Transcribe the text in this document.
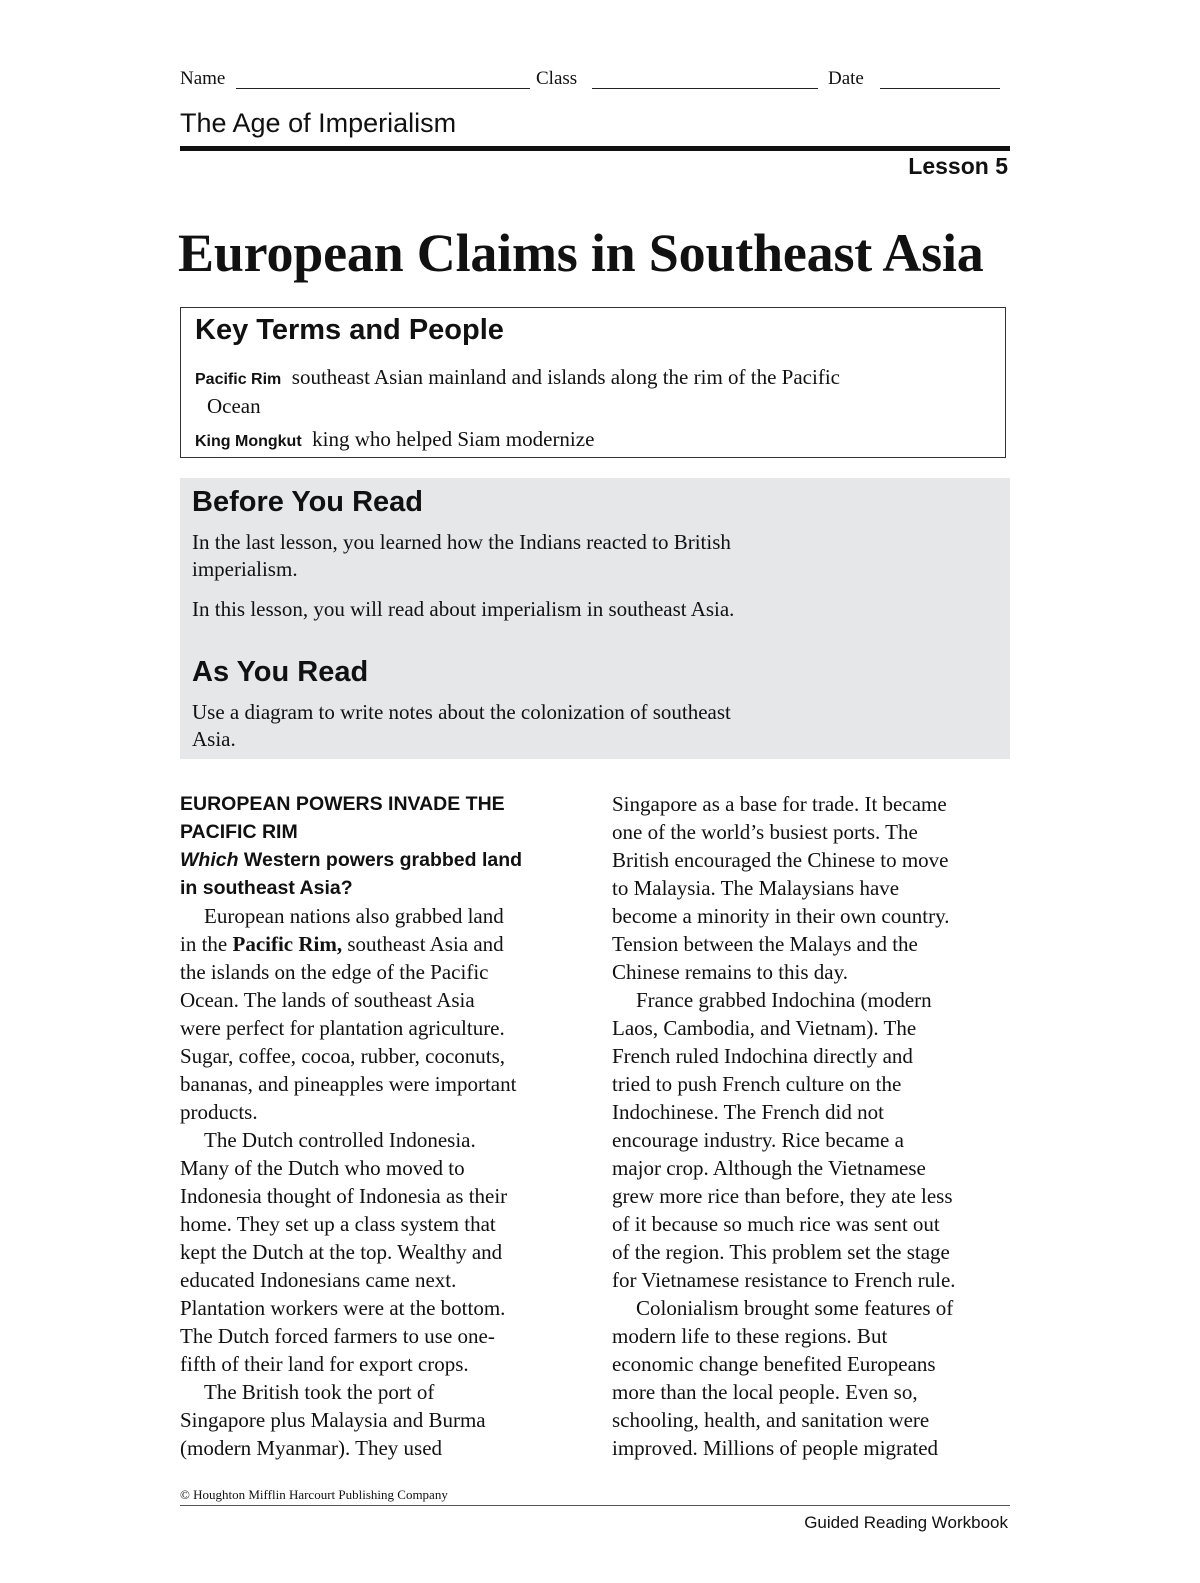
Name	Class	Date
The Age of Imperialism
Lesson 5
European Claims in Southeast Asia
Key Terms and People
Pacific Rim southeast Asian mainland and islands along the rim of the Pacific
Ocean
King Mongkut king who helped Siam modernize
Before You Read
In the last lesson, you learned how the Indians reacted to British
imperialism.
In this lesson, you will read about imperialism in southeast Asia.
As You Read
Use a diagram to write notes about the colonization of southeast
Asia.
EUROPEAN POWERS INVADE THE
PACIFIC RIM
Which Western powers grabbed land
in southeast Asia?
European nations also grabbed land
in the Pacific Rim, southeast Asia and
the islands on the edge of the Pacific
Ocean. The lands of southeast Asia
were perfect for plantation agriculture.
Sugar, coffee, cocoa, rubber, coconuts,
bananas, and pineapples were important
products.
The Dutch controlled Indonesia.
Many of the Dutch who moved to
Indonesia thought of Indonesia as their
home. They set up a class system that
kept the Dutch at the top. Wealthy and
educated Indonesians came next.
Plantation workers were at the bottom.
The Dutch forced farmers to use one-
fifth of their land for export crops.
The British took the port of
Singapore plus Malaysia and Burma
(modern Myanmar). They used
Singapore as a base for trade. It became
one of the world’s busiest ports. The
British encouraged the Chinese to move
to Malaysia. The Malaysians have
become a minority in their own country.
Tension between the Malays and the
Chinese remains to this day.
France grabbed Indochina (modern
Laos, Cambodia, and Vietnam). The
French ruled Indochina directly and
tried to push French culture on the
Indochinese. The French did not
encourage industry. Rice became a
major crop. Although the Vietnamese
grew more rice than before, they ate less
of it because so much rice was sent out
of the region. This problem set the stage
for Vietnamese resistance to French rule.
Colonialism brought some features of
modern life to these regions. But
economic change benefited Europeans
more than the local people. Even so,
schooling, health, and sanitation were
improved. Millions of people migrated
© Houghton Mifflin Harcourt Publishing Company
Guided Reading Workbook
